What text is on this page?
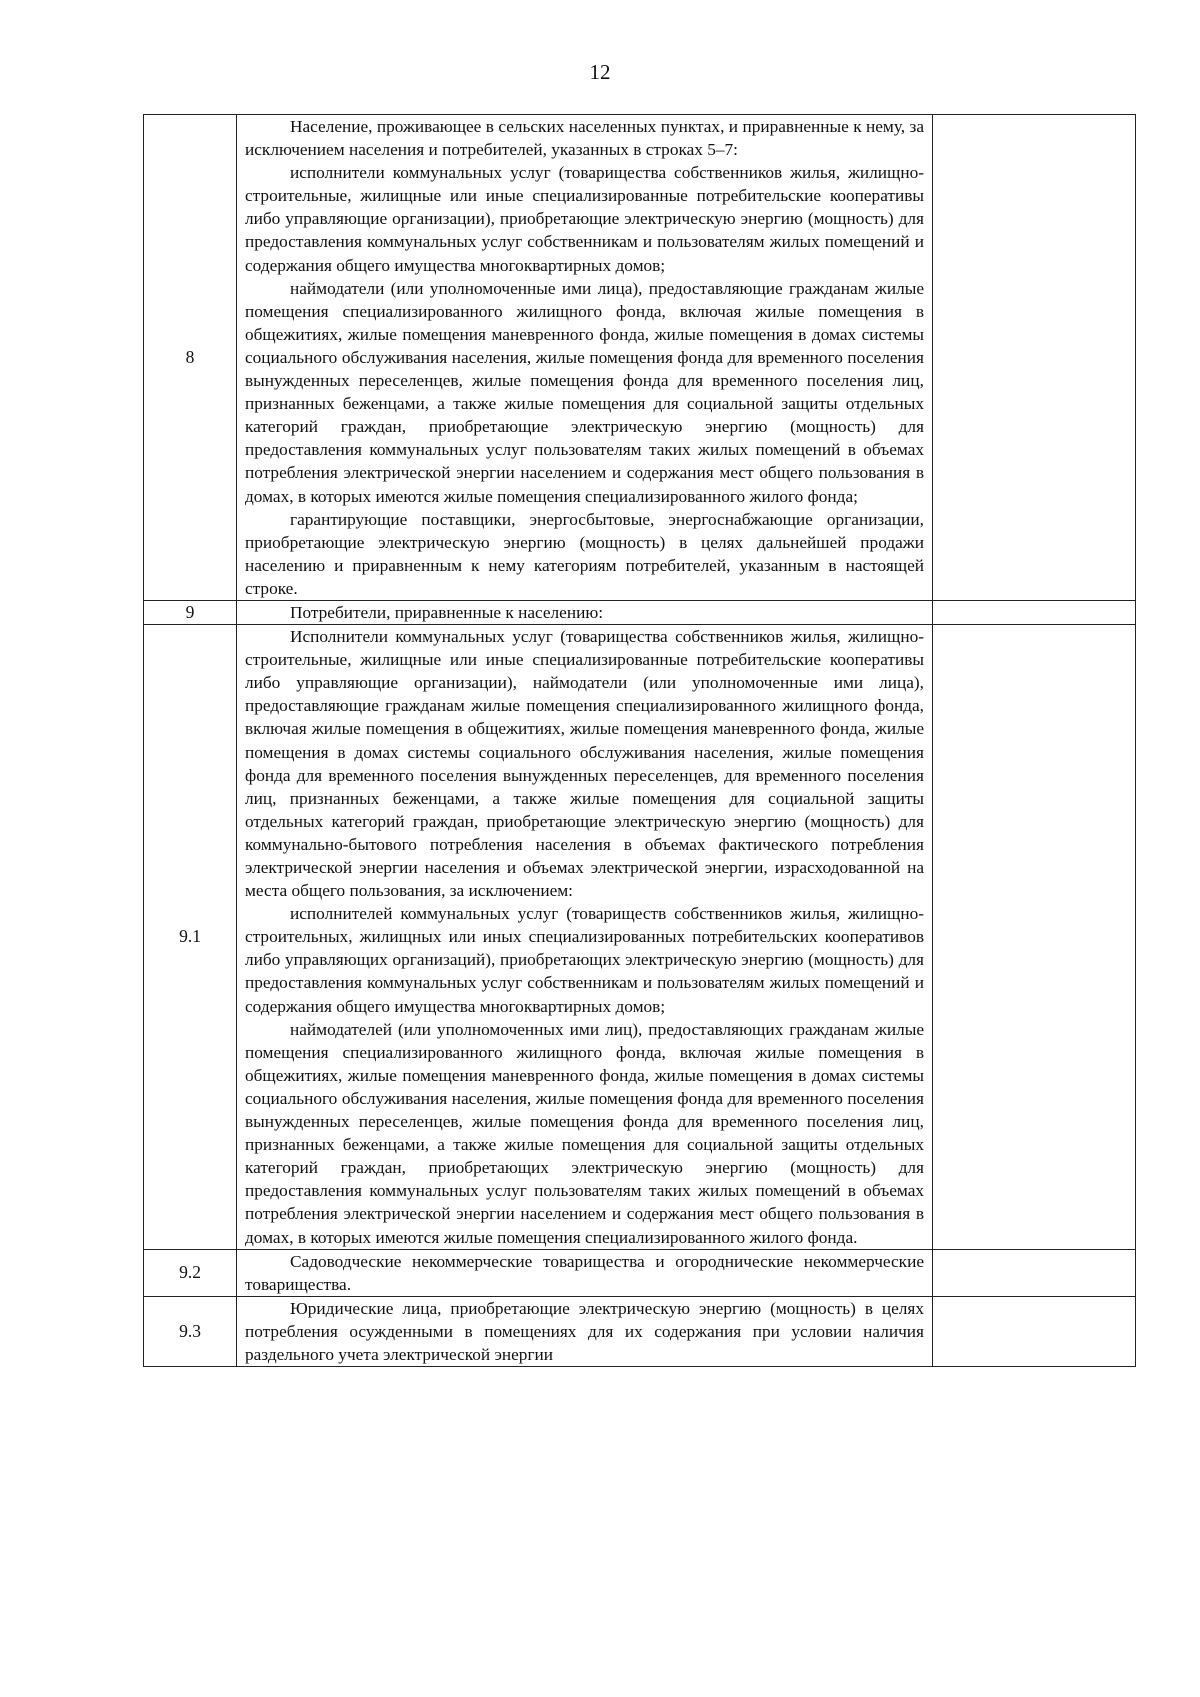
12
8	Население, проживающее в сельских населенных пунктах, и приравненные к нему, за исключением населения и потребителей, указанных в строках 5–7:

исполнители коммунальных услуг (товарищества собственников жилья, жилищно-строительные, жилищные или иные специализированные потребительские кооперативы либо управляющие организации), приобретающие электрическую энергию (мощность) для предоставления коммунальных услуг собственникам и пользователям жилых помещений и содержания общего имущества многоквартирных домов;

наймодатели (или уполномоченные ими лица), предоставляющие гражданам жилые помещения специализированного жилищного фонда, включая жилые помещения в общежитиях, жилые помещения маневренного фонда, жилые помещения в домах системы социального обслуживания населения, жилые помещения фонда для временного поселения вынужденных переселенцев, жилые помещения фонда для временного поселения лиц, признанных беженцами, а также жилые помещения для социальной защиты отдельных категорий граждан, приобретающие электрическую энергию (мощность) для предоставления коммунальных услуг пользователям таких жилых помещений в объемах потребления электрической энергии населением и содержания мест общего пользования в домах, в которых имеются жилые помещения специализированного жилого фонда;

гарантирующие поставщики, энергосбытовые, энергоснабжающие организации, приобретающие электрическую энергию (мощность) в целях дальнейшей продажи населению и приравненным к нему категориям потребителей, указанным в настоящей строке.	

9	Потребители, приравненные к населению:	

9.1	Исполнители коммунальных услуг (товарищества собственников жилья, жилищно-строительные, жилищные или иные специализированные потребительские кооперативы либо управляющие организации), наймодатели (или уполномоченные ими лица), предоставляющие гражданам жилые помещения специализированного жилищного фонда, включая жилые помещения в общежитиях, жилые помещения маневренного фонда, жилые помещения в домах системы социального обслуживания населения, жилые помещения фонда для временного поселения вынужденных переселенцев, для временного поселения лиц, признанных беженцами, а также жилые помещения для социальной защиты отдельных категорий граждан, приобретающие электрическую энергию (мощность) для коммунально-бытового потребления населения в объемах фактического потребления электрической энергии населения и объемах электрической энергии, израсходованной на места общего пользования, за исключением:

исполнителей коммунальных услуг (товариществ собственников жилья, жилищно-строительных, жилищных или иных специализированных потребительских кооперативов либо управляющих организаций), приобретающих электрическую энергию (мощность) для предоставления коммунальных услуг собственникам и пользователям жилых помещений и содержания общего имущества многоквартирных домов;

наймодателей (или уполномоченных ими лиц), предоставляющих гражданам жилые помещения специализированного жилищного фонда, включая жилые помещения в общежитиях, жилые помещения маневренного фонда, жилые помещения в домах системы социального обслуживания населения, жилые помещения фонда для временного поселения вынужденных переселенцев, жилые помещения фонда для временного поселения лиц, признанных беженцами, а также жилые помещения для социальной защиты отдельных категорий граждан, приобретающих электрическую энергию (мощность) для предоставления коммунальных услуг пользователям таких жилых помещений в объемах потребления электрической энергии населением и содержания мест общего пользования в домах, в которых имеются жилые помещения специализированного жилого фонда.	

9.2	Садоводческие некоммерческие товарищества и огороднические некоммерческие товарищества.	

9.3	Юридические лица, приобретающие электрическую энергию (мощность) в целях потребления осужденными в помещениях для их содержания при условии наличия раздельного учета электрической энергии	
